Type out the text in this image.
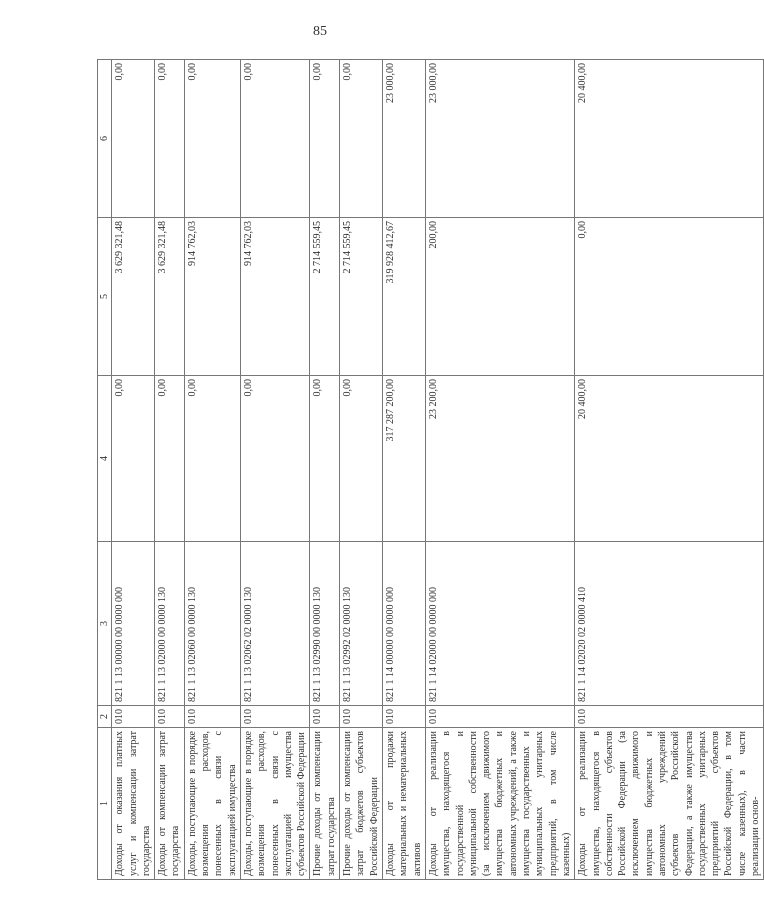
85
1	2	3	4	5	6
Доходы от оказания платных услуг и компенсации затрат государства	010	821 1 13 00000 00 0000 000	0,00	3 629 321,48	0,00
Доходы от компенсации затрат государства	010	821 1 13 02000 00 0000 130	0,00	3 629 321,48	0,00
Доходы, поступающие в порядке возмещения расходов, понесенных в связи с эксплуатацией имущества	010	821 1 13 02060 00 0000 130	0,00	914 762,03	0,00
Доходы, поступающие в порядке возмещения расходов, понесенных в связи с эксплуатацией имущества субъектов Российской Федерации	010	821 1 13 02062 02 0000 130	0,00	914 762,03	0,00
Прочие доходы от компенсации затрат государства	010	821 1 13 02990 00 0000 130	0,00	2 714 559,45	0,00
Прочие доходы от компенсации затрат бюджетов субъектов Российской Федерации	010	821 1 13 02992 02 0000 130	0,00	2 714 559,45	0,00
Доходы от продажи материальных и нематериальных активов	010	821 1 14 00000 00 0000 000	317 287 200,00	319 928 412,67	23 000,00
Доходы от реализации имущества, находящегося в государственной и муниципальной собственности (за исключением движимого имущества бюджетных и автономных учреждений, а также имущества государственных и муниципальных унитарных предприятий, в том числе казенных)	010	821 1 14 02000 00 0000 000	23 200,00	200,00	23 000,00
Доходы от реализации имущества, находящегося в собственности субъектов Российской Федерации (за исключением движимого имущества бюджетных и автономных учреждений субъектов Российской Федерации, а также имущества государственных унитарных предприятий субъектов Российской Федерации, в том числе казенных), в части реализации основ-	010	821 1 14 02020 02 0000 410	20 400,00	0,00	20 400,00
